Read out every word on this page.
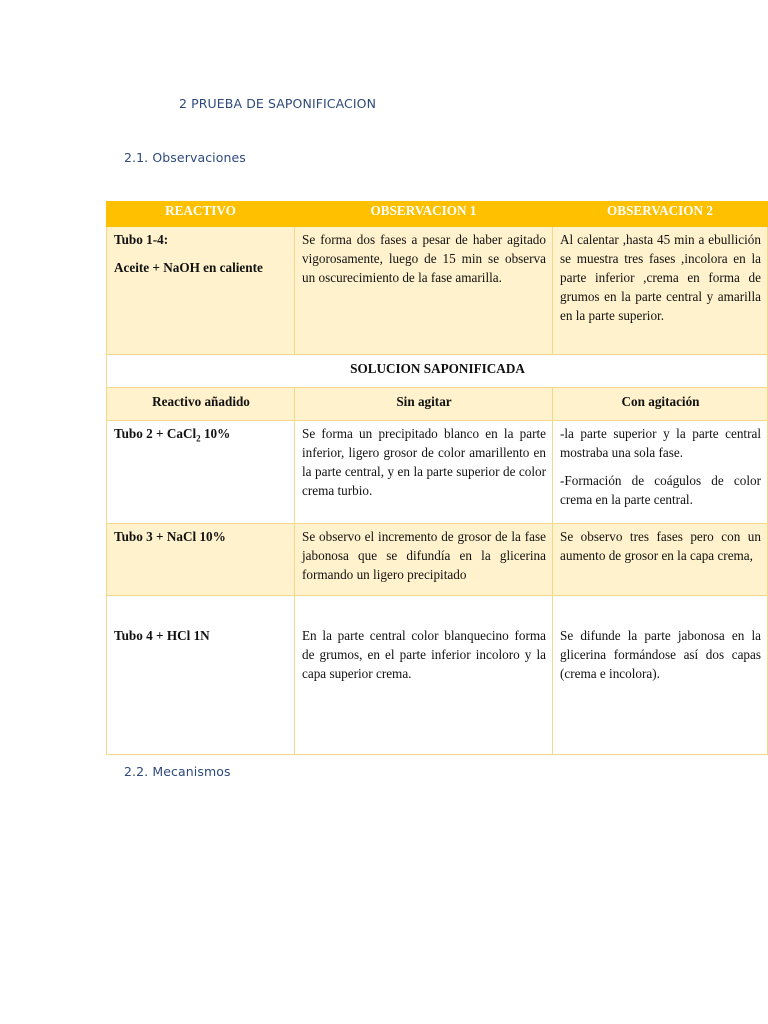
2 PRUEBA DE SAPONIFICACION
2.1. Observaciones
REACTIVO	OBSERVACION 1	OBSERVACION 2

Tubo 1-4:

Aceite + NaOH en caliente	Se forma dos fases a pesar de haber agitado vigorosamente, luego de 15 min se observa un oscurecimiento de la fase amarilla.	Al calentar ,hasta 45 min a ebullición se muestra tres fases ,incolora en la parte inferior ,crema en forma de grumos en la parte central y amarilla en la parte superior.
SOLUCION SAPONIFICADA		
Reactivo añadido	Sin agitar	Con agitación
Tubo 2 + CaCl$_2$ 10%	Se forma un precipitado blanco en la parte inferior, ligero grosor de color amarillento en la parte central, y en la parte superior de color crema turbio.	-la parte superior y la parte central mostraba una sola fase.

-Formación de coágulos de color crema en la parte central.

Tubo 3 + NaCl 10%	Se observo el incremento de grosor de la fase jabonosa que se difundía en la glicerina formando un ligero precipitado	Se observo tres fases pero con un aumento de grosor en la capa crema,
Tubo 4 + HCl 1N	En la parte central color blanquecino forma de grumos, en el parte inferior incoloro y la capa superior crema.	Se difunde la parte jabonosa en la glicerina formándose así dos capas (crema e incolora).
2.2. Mecanismos
